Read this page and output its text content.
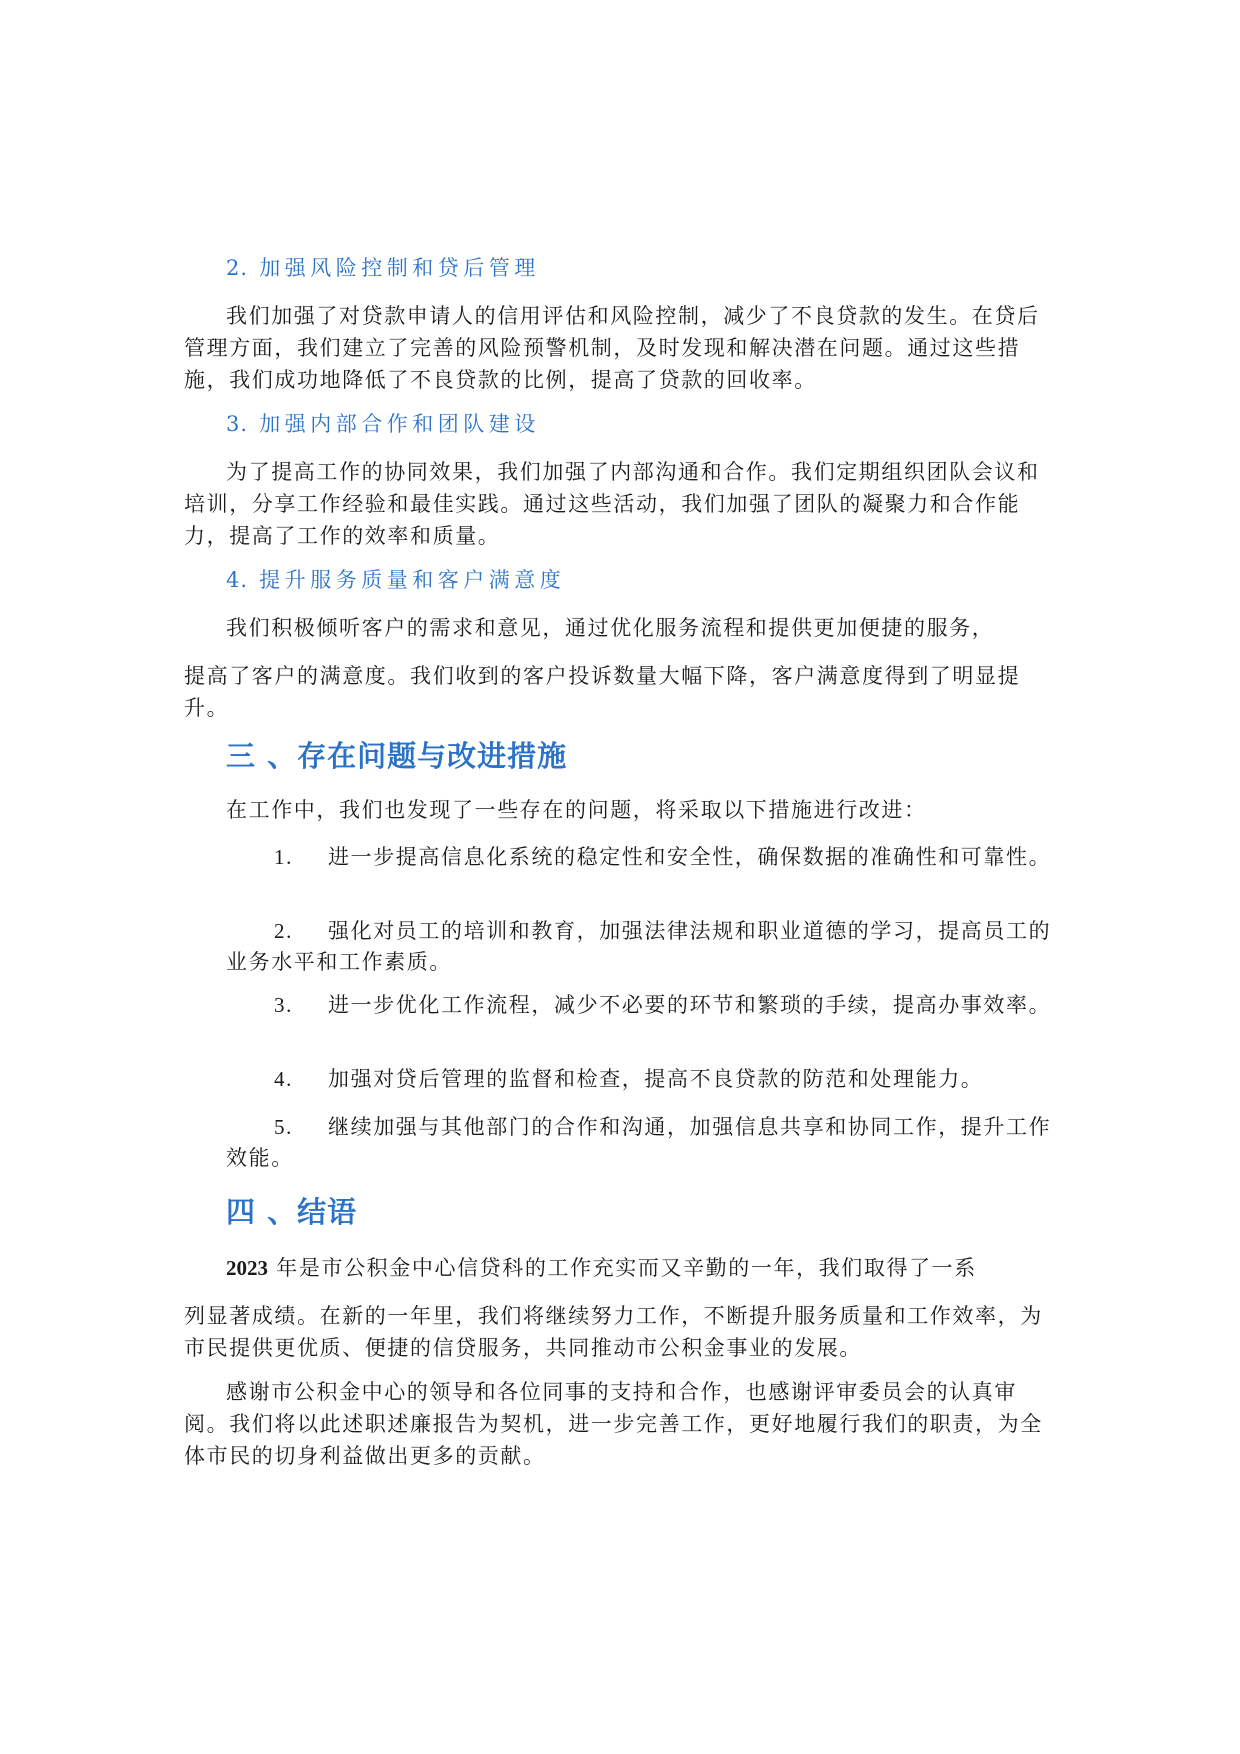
2. 加强风险控制和贷后管理

我们加强了对贷款申请人的信用评估和风险控制，减少了不良贷款的发生。在贷后管理方面，我们建立了完善的风险预警机制，及时发现和解决潜在问题。通过这些措施，我们成功地降低了不良贷款的比例，提高了贷款的回收率。

3. 加强内部合作和团队建设

为了提高工作的协同效果，我们加强了内部沟通和合作。我们定期组织团队会议和培训，分享工作经验和最佳实践。通过这些活动，我们加强了团队的凝聚力和合作能力，提高了工作的效率和质量。

4. 提升服务质量和客户满意度

我们积极倾听客户的需求和意见，通过优化服务流程和提供更加便捷的服务，

提高了客户的满意度。我们收到的客户投诉数量大幅下降，客户满意度得到了明显提升。

三 、存在问题与改进措施

在工作中，我们也发现了一些存在的问题，将采取以下措施进行改进：

1. 进一步提高信息化系统的稳定性和安全性，确保数据的准确性和可靠性。
2. 强化对员工的培训和教育，加强法律法规和职业道德的学习，提高员工的业务水平和工作素质。
3. 进一步优化工作流程，减少不必要的环节和繁琐的手续，提高办事效率。
4. 加强对贷后管理的监督和检查，提高不良贷款的防范和处理能力。
5. 继续加强与其他部门的合作和沟通，加强信息共享和协同工作，提升工作效能。
四 、结语

2023 年是市公积金中心信贷科的工作充实而又辛勤的一年，我们取得了一系

列显著成绩。在新的一年里，我们将继续努力工作，不断提升服务质量和工作效率，为市民提供更优质、便捷的信贷服务，共同推动市公积金事业的发展。

感谢市公积金中心的领导和各位同事的支持和合作，也感谢评审委员会的认真审阅。我们将以此述职述廉报告为契机，进一步完善工作，更好地履行我们的职责，为全体市民的切身利益做出更多的贡献。
